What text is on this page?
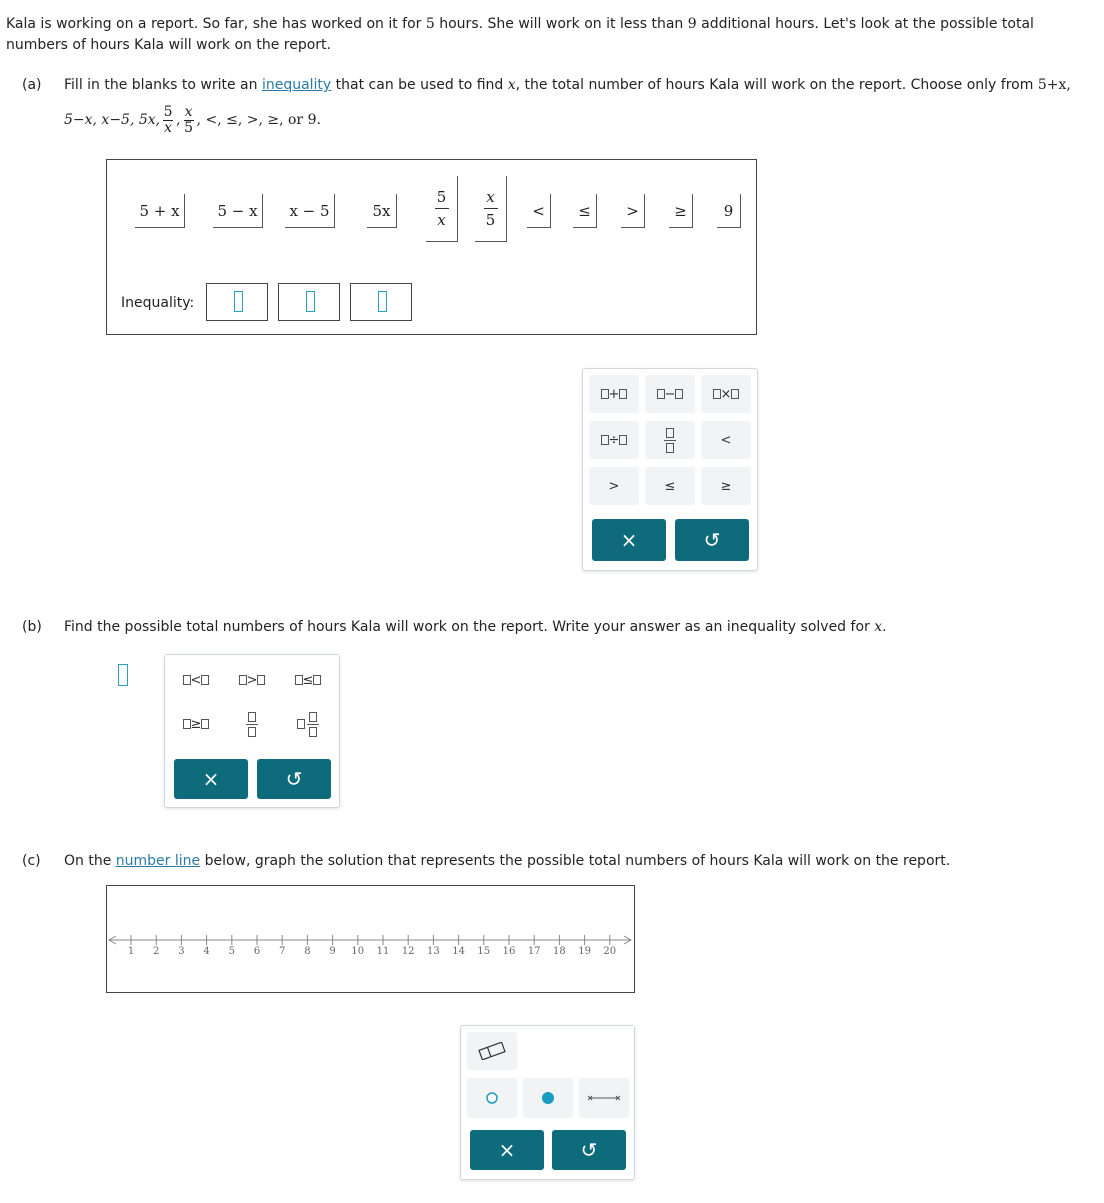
Kala is working on a report. So far, she has worked on it for 5 hours. She will work on it less than 9 additional hours. Let's look at the possible total numbers of hours Kala will work on the report.
(a) Fill in the blanks to write an inequality that can be used to find x, the total number of hours Kala will work on the report. Choose only from 5+x,
5−x, x−5, 5x,
5
x ,
x
5 , <, ≤, >, ≥, or 9.
5 + x	5 − x	x − 5	5x
5
x
x
5	<	≤	>	≥	9
Inequality:
+	−	×
÷	<
>	≤	≥
×	↺
(b) Find the possible total numbers of hours Kala will work on the report. Write your answer as an inequality solved for x.
<	>	≤
≥
×	↺
(c) On the number line below, graph the solution that represents the possible total numbers of hours Kala will work on the report.
1 2 3 4 5 6 7 8 9 10 11 12 13 14 15 16 17 18 19 20
×	↺
